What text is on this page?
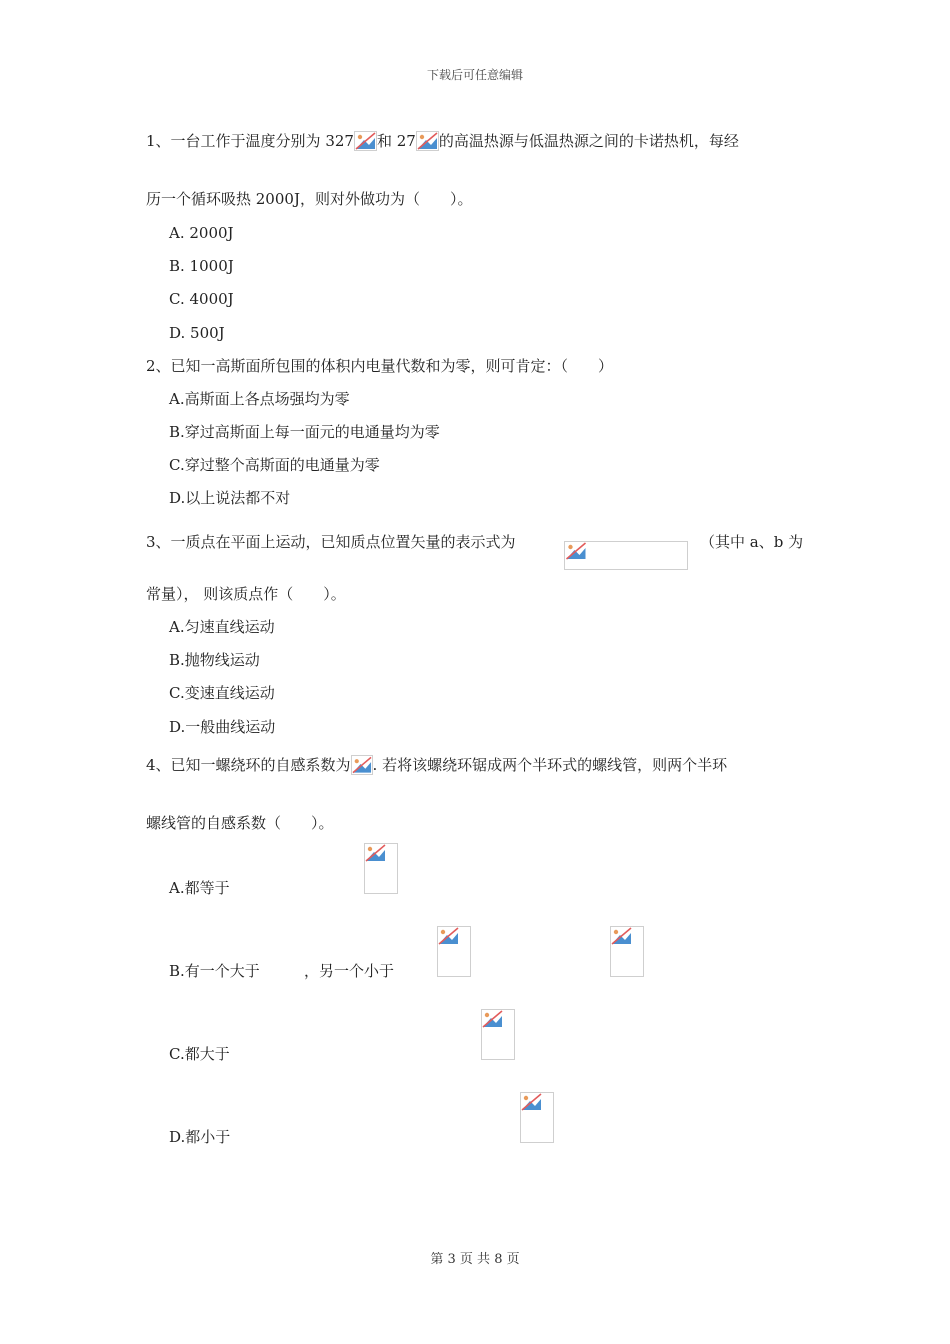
下载后可任意编辑
1、一台工作于温度分别为 327 和 27 的高温热源与低温热源之间的卡诺热机，每经
历一个循环吸热 2000J，则对外做功为（　　）。
A. 2000J
B. 1000J
C. 4000J
D. 500J
2、已知一高斯面所包围的体积内电量代数和为零，则可肯定：（　　）
A.高斯面上各点场强均为零
B.穿过高斯面上每一面元的电通量均为零
C.穿过整个高斯面的电通量为零
D.以上说法都不对
3、一质点在平面上运动，已知质点位置矢量的表示式为
	（其中 a、b 为
常量）， 则该质点作（　　）。
A.匀速直线运动
B.抛物线运动
C.变速直线运动
D.一般曲线运动
4、已知一螺绕环的自感系数为 . 若将该螺绕环锯成两个半环式的螺线管，则两个半环
螺线管的自感系数（　　）。
A.都等于

B.有一个大于
	，另一个小于

C.都大于

D.都小于
第 3 页 共 8 页
